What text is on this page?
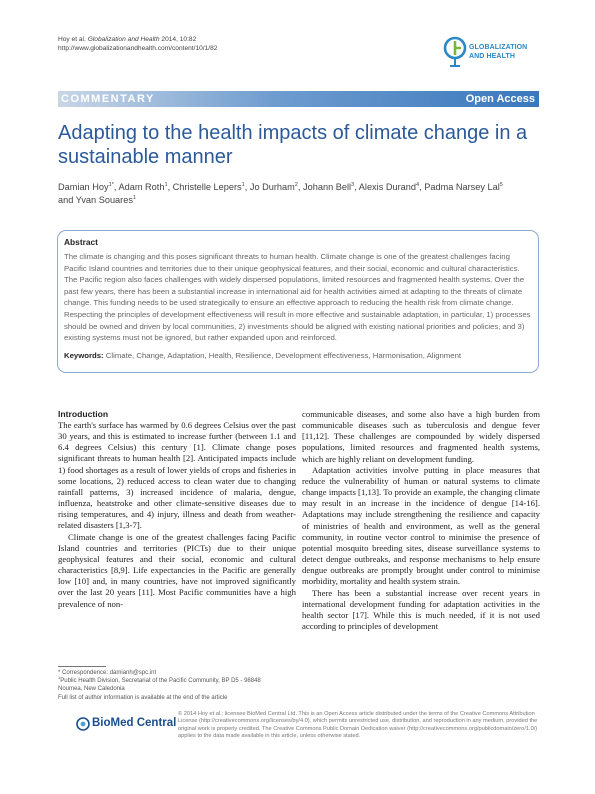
Hoy et al. Globalization and Health 2014, 10:82
http://www.globalizationandhealth.com/content/10/1/82	GLOBALIZATION
AND HEALTH
COMMENTARY	Open Access
Adapting to the health impacts of climate change in a sustainable manner
Damian Hoy$^{1*}$, Adam Roth$^1$, Christelle Lepers$^1$, Jo Durham$^2$, Johann Bell$^3$, Alexis Durand$^4$, Padma Narsey Lal$^5$
and Yvan Souares$^1$
Abstract
The climate is changing and this poses significant threats to human health. Climate change is one of the greatest challenges facing Pacific Island countries and territories due to their unique geophysical features, and their social, economic and cultural characteristics. The Pacific region also faces challenges with widely dispersed populations, limited resources and fragmented health systems. Over the past few years, there has been a substantial increase in international aid for health activities aimed at adapting to the threats of climate change. This funding needs to be used strategically to ensure an effective approach to reducing the health risk from climate change. Respecting the principles of development effectiveness will result in more effective and sustainable adaptation, in particular, 1) processes should be owned and driven by local communities, 2) investments should be aligned with existing national priorities and policies, and 3) existing systems must not be ignored, but rather expanded upon and reinforced.
Keywords: Climate, Change, Adaptation, Health, Resilience, Development effectiveness, Harmonisation, Alignment
Introduction

The earth's surface has warmed by 0.6 degrees Celsius over the past 30 years, and this is estimated to increase further (between 1.1 and 6.4 degrees Celsius) this century [1]. Climate change poses significant threats to human health [2]. Anticipated impacts include 1) food shortages as a result of lower yields of crops and fisheries in some locations, 2) reduced access to clean water due to changing rainfall patterns, 3) increased incidence of malaria, dengue, influenza, heatstroke and other climate-sensitive diseases due to rising temperatures, and 4) injury, illness and death from weather-related disasters [1,3-7].

Climate change is one of the greatest challenges facing Pacific Island countries and territories (PICTs) due to their unique geophysical features and their social, economic and cultural characteristics [8,9]. Life expectancies in the Pacific are generally low [10] and, in many countries, have not improved significantly over the last 20 years [11]. Most Pacific communities have a high prevalence of non-

communicable diseases, and some also have a high burden from communicable diseases such as tuberculosis and dengue fever [11,12]. These challenges are compounded by widely dispersed populations, limited resources and fragmented health systems, which are highly reliant on development funding.

Adaptation activities involve putting in place measures that reduce the vulnerability of human or natural systems to climate change impacts [1,13]. To provide an example, the changing climate may result in an increase in the incidence of dengue [14-16]. Adaptations may include strengthening the resilience and capacity of ministries of health and environment, as well as the general community, in routine vector control to minimise the presence of potential mosquito breeding sites, disease surveillance systems to detect dengue outbreaks, and response mechanisms to help ensure dengue outbreaks are promptly brought under control to minimise morbidity, mortality and health system strain.

There has been a substantial increase over recent years in international development funding for adaptation activities in the health sector [17]. While this is much needed, if it is not used according to principles of development

* Correspondence: damianh@spc.int
$^1$Public Health Division, Secretariat of the Pacific Community, BP D5 - 98848
Noumea, New Caledonia
Full list of author information is available at the end of the article
BioMed Central
© 2014 Hoy et al.; licensee BioMed Central Ltd. This is an Open Access article distributed under the terms of the Creative Commons Attribution License (http://creativecommons.org/licenses/by/4.0), which permits unrestricted use, distribution, and reproduction in any medium, provided the original work is properly credited. The Creative Commons Public Domain Dedication waiver (http://creativecommons.org/publicdomain/zero/1.0/) applies to the data made available in this article, unless otherwise stated.
